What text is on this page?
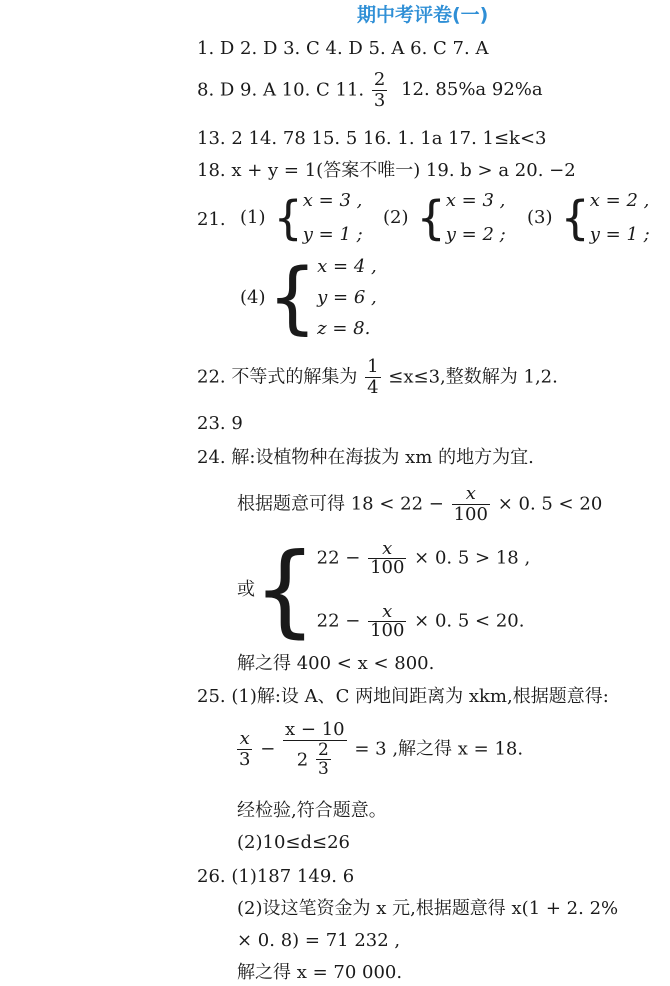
期中考评卷(一)
1. D 2. D 3. C 4. D 5. A 6. C 7. A
8. D 9. A 10. C 11. $\frac{2}{3} 12$. 85%a 92%a
13. 2 14. 78 15. 5 16. 1. 1a 17. 1≤k<3
18. x + y = 1(答案不唯一) 19. b > a 20. −2
21. (1) { x = 3 ,
y = 1 ;
(2) { x = 3 ,
y = 2 ;
(3) { x = 2 ,
y = 1 ;
(4) { x = 4 ,
y = 6 ,
z = 8.
22. 不等式的解集为 $\frac{1}{4} \le x\le 3$,整数解为 1,2.
23. 9
24. 解:设植物种在海拔为 xm 的地方为宜.
根据题意可得 $18 < 22 - \frac{x}{100} \times 0$. 5 < 20
或
{ $22 - \frac{x}{100} \times 0$. 5 > 18 ,
$22 - \frac{x}{100} \times 0$. 5 < 20.
解之得 400 < x < 800.
25. (1)解:设 A、C 两地间距离为 xkm,根据题意得:
$\frac{x}{3} - \frac{x - 10}{2 \frac{2}{3}} = 3$ ,解之得 x = 18.
经检验,符合题意。
(2)10≤d≤26
26. (1)187 149. 6
(2)设这笔资金为 x 元,根据题意得 x(1 + 2. 2%
× 0. 8) = 71 232 ,
解之得 x = 70 000.
